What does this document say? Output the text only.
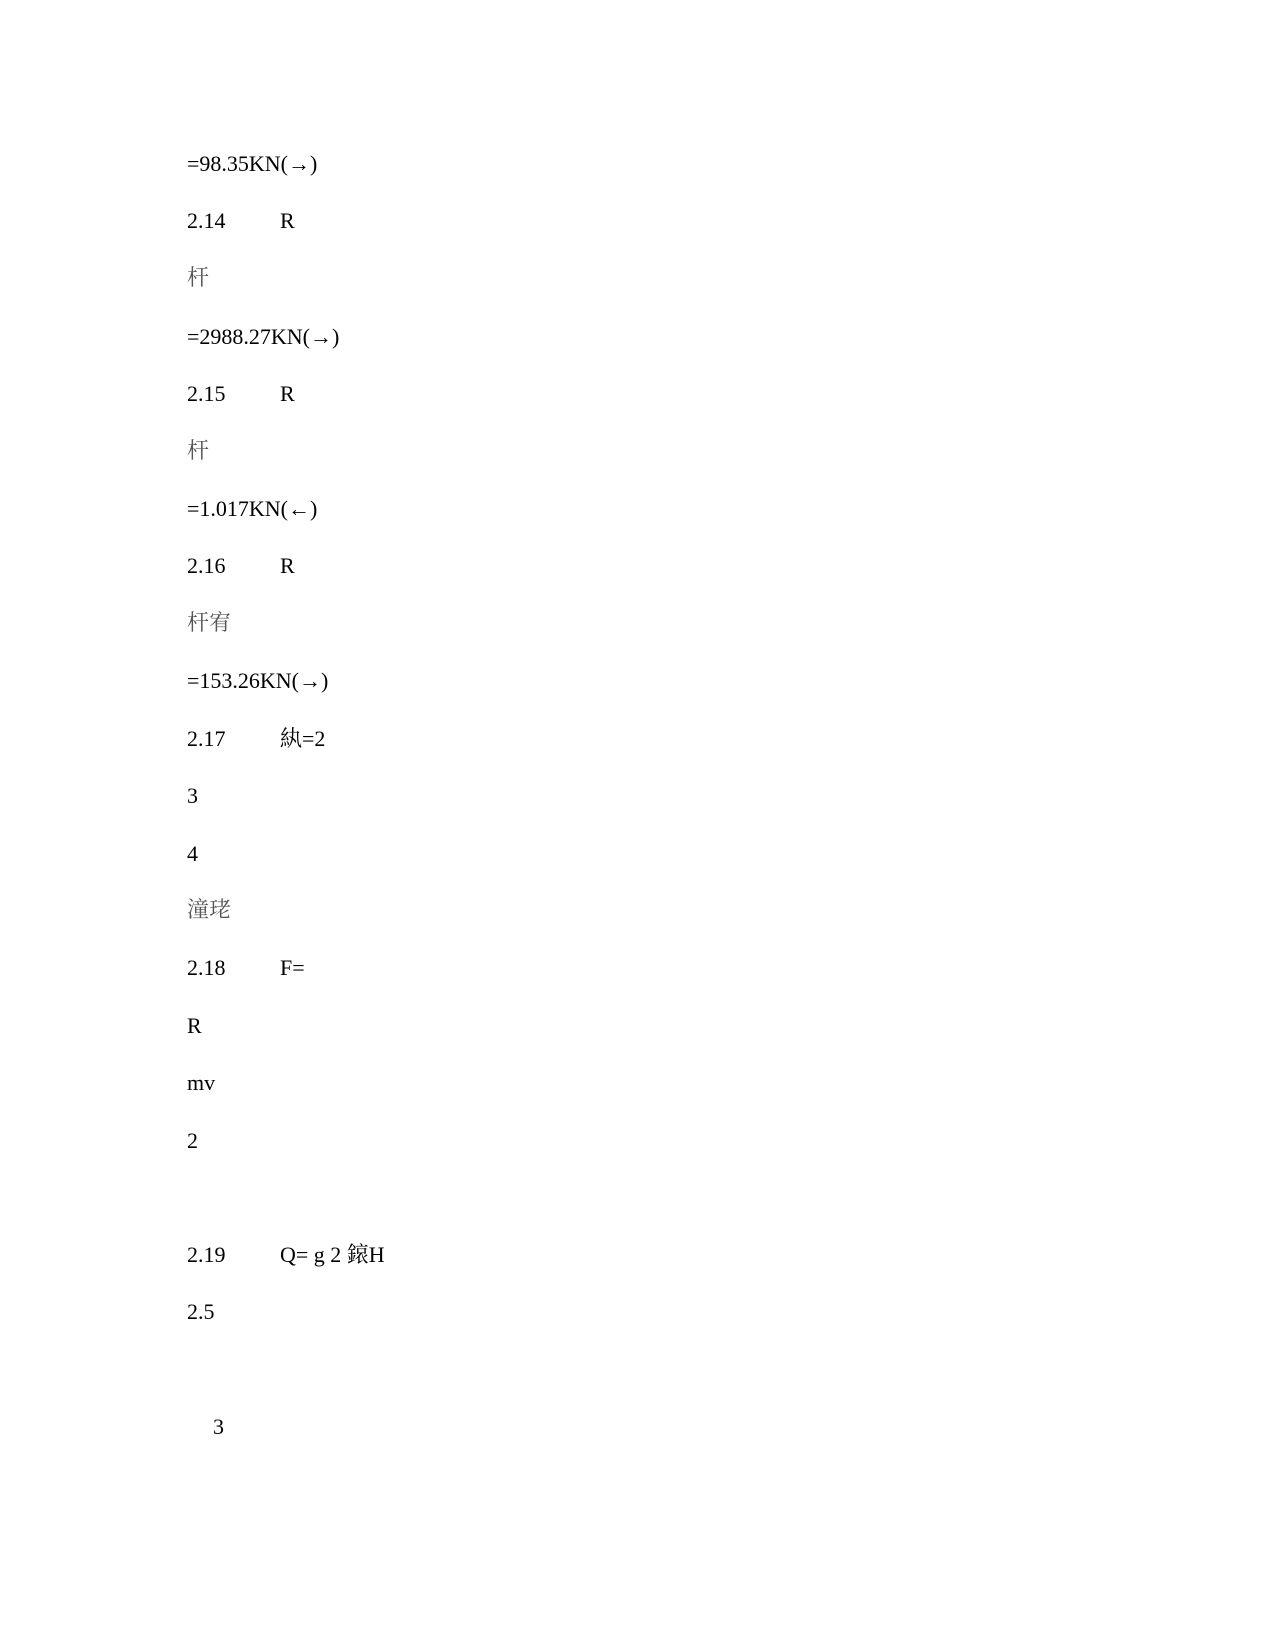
=98.35KN(→)
2.14 R
杆
=2988.27KN(→)
2.15 R
杆
=1.017KN(←)
2.16 R
杆宥
=153.26KN(→)
2.17 紈=2
3
4
潼珯
2.18 F=
R
mv
2
2.19 Q= g 2 鎄H
2.5
3
